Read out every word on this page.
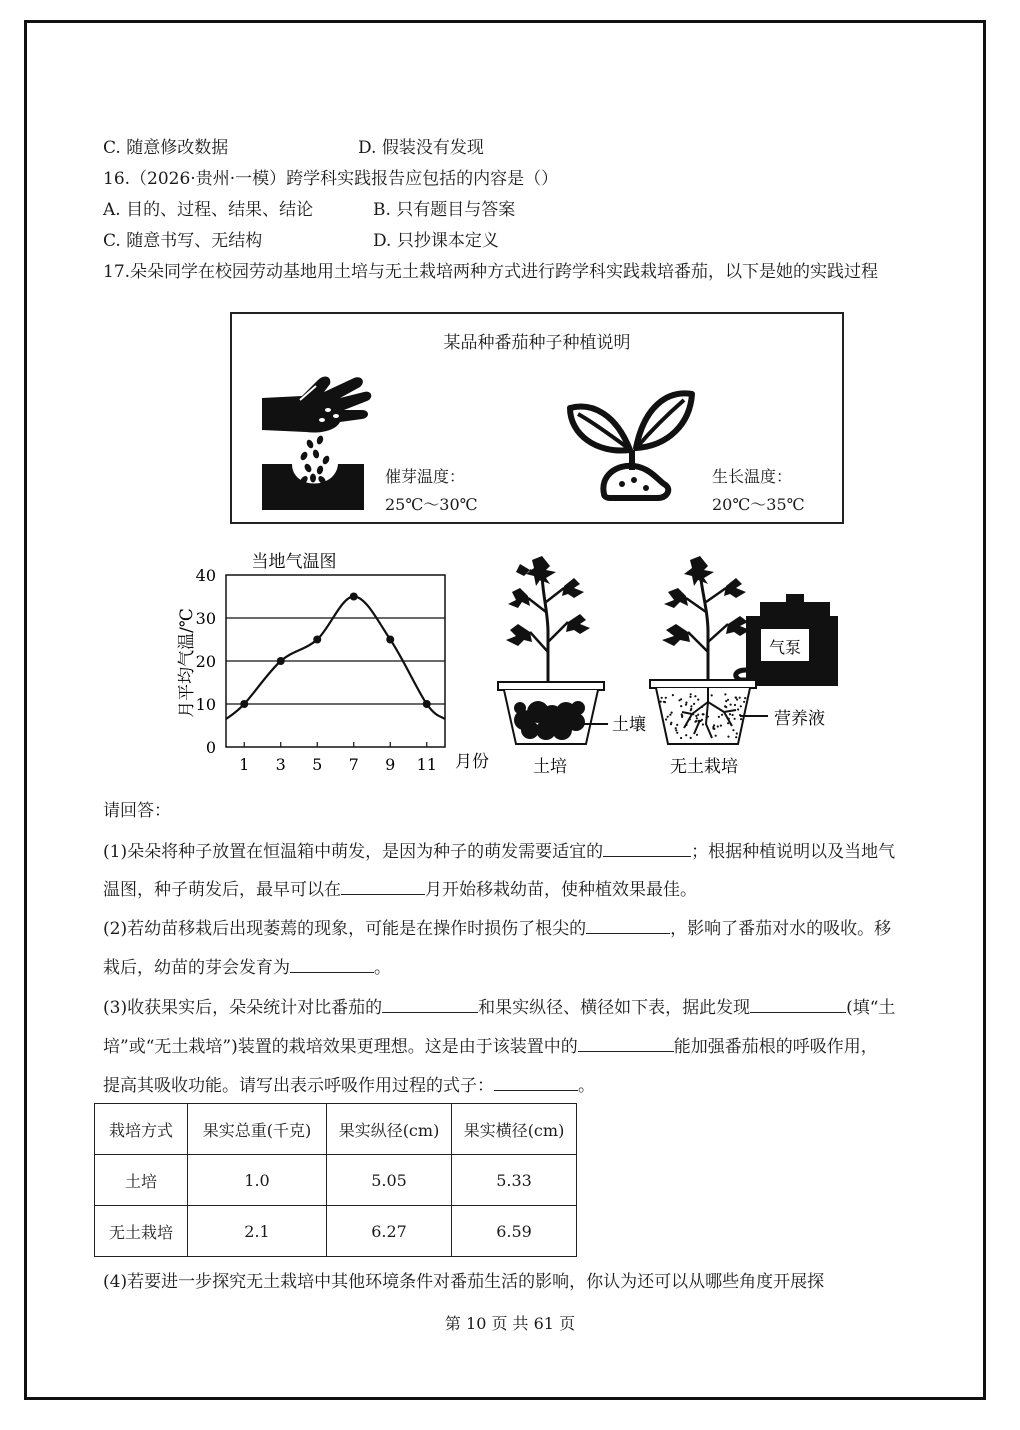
C. 随意修改数据	D. 假装没有发现
16.（2026·贵州·一模）跨学科实践报告应包括的内容是（）
A. 目的、过程、结果、结论	B. 只有题目与答案
C. 随意书写、无结构	D. 只抄课本定义
17.朵朵同学在校园劳动基地用土培与无土栽培两种方式进行跨学科实践栽培番茄，以下是她的实践过程
某品种番茄种子种植说明
催芽温度：
25℃～30℃
生长温度：
20℃～35℃
当地气温图
月平均气温/℃
月份
0
10
20
30
40
1 3 5 7 9 11
土壤
土培
气泵
营养液
无土栽培
请回答：
(1)朵朵将种子放置在恒温箱中萌发，是因为种子的萌发需要适宜的	；根据种植说明以及当地气
温图，种子萌发后，最早可以在	月开始移栽幼苗，使种植效果最佳。
(2)若幼苗移栽后出现萎蔫的现象，可能是在操作时损伤了根尖的	，影响了番茄对水的吸收。移
栽后，幼苗的芽会发育为	。
(3)收获果实后，朵朵统计对比番茄的	和果实纵径、横径如下表，据此发现	(填“土
培”或“无土栽培”)装置的栽培效果更理想。这是由于该装置中的	能加强番茄根的呼吸作用，
提高其吸收功能。请写出表示呼吸作用过程的式子：	。
栽培方式	果实总重(千克)	果实纵径(cm)	果实横径(cm)
土培	1.0	5.05	5.33
无土栽培	2.1	6.27	6.59
(4)若要进一步探究无土栽培中其他环境条件对番茄生活的影响，你认为还可以从哪些角度开展探
第 10 页 共 61 页
